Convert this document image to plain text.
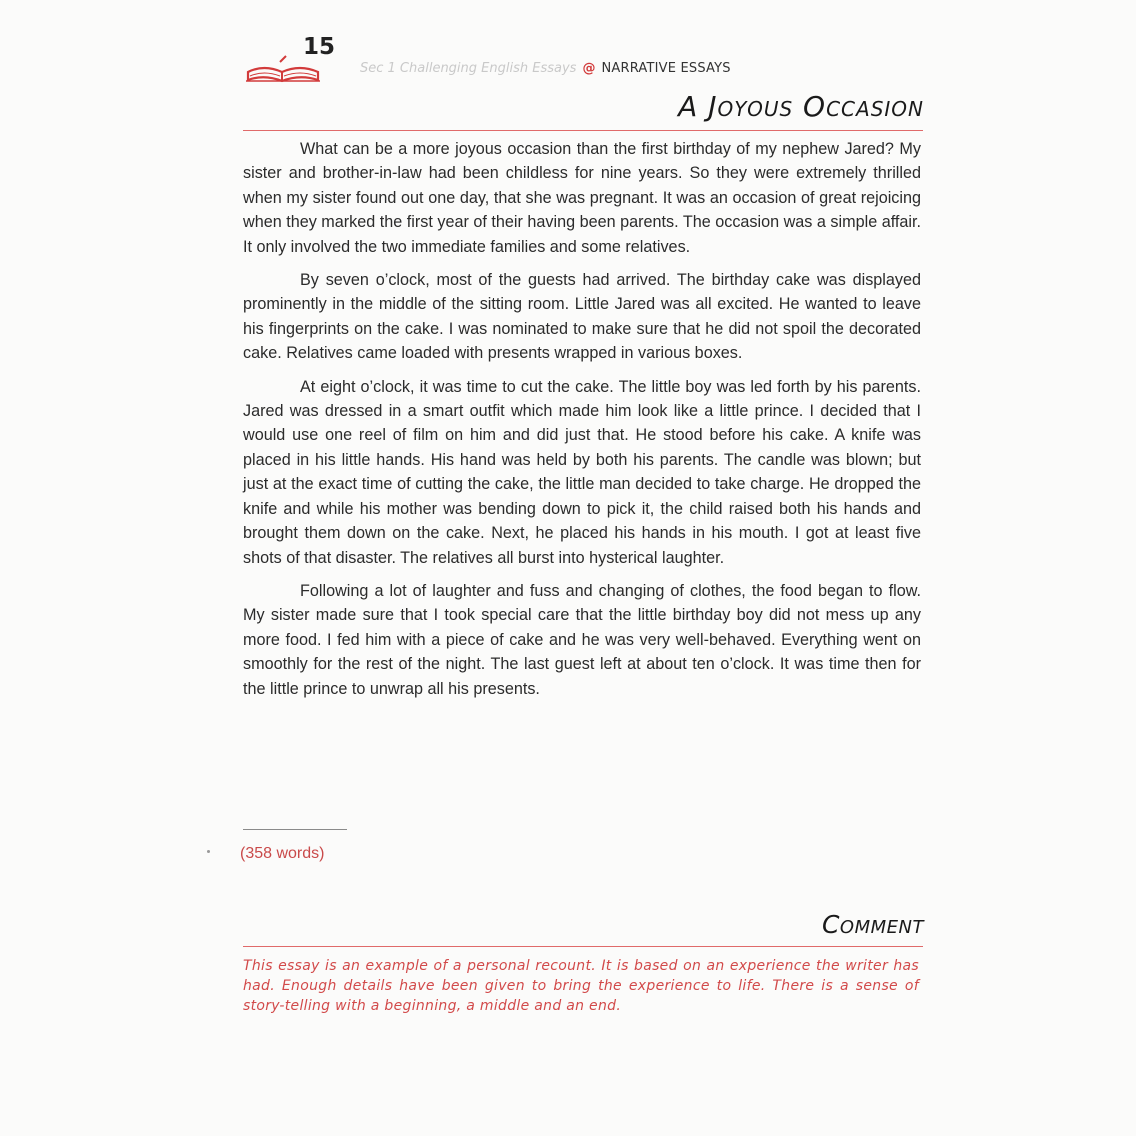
15
Sec 1 Challenging English Essays @ NARRATIVE ESSAYS
A Joyous Occasion

What can be a more joyous occasion than the first birthday of my nephew Jared? My sister and brother-in-law had been childless for nine years. So they were extremely thrilled when my sister found out one day, that she was pregnant. It was an occasion of great rejoicing when they marked the first year of their having been parents. The occasion was a simple affair. It only involved the two immediate families and some relatives.

By seven o’clock, most of the guests had arrived. The birthday cake was displayed prominently in the middle of the sitting room. Little Jared was all excited. He wanted to leave his fingerprints on the cake. I was nominated to make sure that he did not spoil the decorated cake. Relatives came loaded with presents wrapped in various boxes.

At eight o’clock, it was time to cut the cake. The little boy was led forth by his parents. Jared was dressed in a smart outfit which made him look like a little prince. I decided that I would use one reel of film on him and did just that. He stood before his cake. A knife was placed in his little hands. His hand was held by both his parents. The candle was blown; but just at the exact time of cutting the cake, the little man decided to take charge. He dropped the knife and while his mother was bending down to pick it, the child raised both his hands and brought them down on the cake. Next, he placed his hands in his mouth. I got at least five shots of that disaster. The relatives all burst into hysterical laughter.

Following a lot of laughter and fuss and changing of clothes, the food began to flow. My sister made sure that I took special care that the little birthday boy did not mess up any more food. I fed him with a piece of cake and he was very well-behaved. Everything went on smoothly for the rest of the night. The last guest left at about ten o’clock. It was time then for the little prince to unwrap all his presents.

(358 words)
Comment
This essay is an example of a personal recount. It is based on an experience the writer has had. Enough details have been given to bring the experience to life. There is a sense of story-telling with a beginning, a middle and an end.
